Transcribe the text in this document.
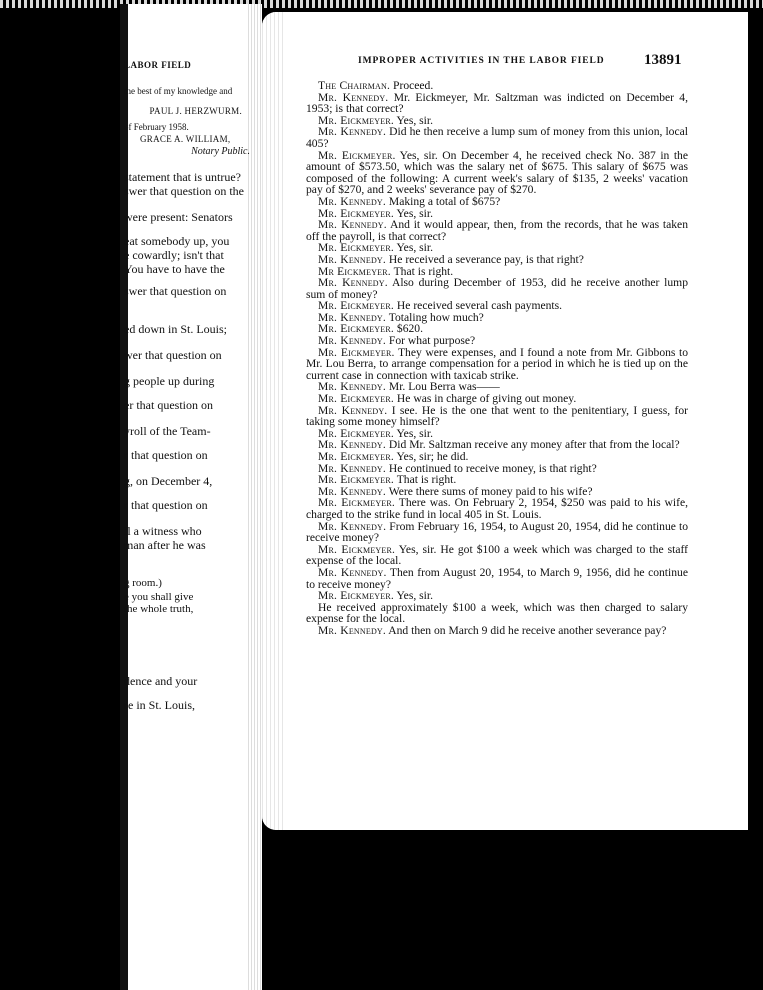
LABOR FIELD
the best of my knowledge and
PAUL J. HERZWURM.
of February 1958.
GRACE A. WILLIAM,
Notary Public.
statement that is untrue?
swer that question on the
were present: Senators
eat somebody up, you
e cowardly; isn't that
You have to have the
swer that question on
ed down in St. Louis;
wer that question on
g people up during
er that question on
yroll of the Team-
r that question on
g, on December 4,
r that question on
ll a witness who
man after he was
g room.)
e you shall give
the whole truth,
dence and your
re in St. Louis,
IMPROPER ACTIVITIES IN THE LABOR FIELD	13891

The Chairman. Proceed.

Mr. Kennedy. Mr. Eickmeyer, Mr. Saltzman was indicted on December 4, 1953; is that correct?

Mr. Eickmeyer. Yes, sir.

Mr. Kennedy. Did he then receive a lump sum of money from this union, local 405?

Mr. Eickmeyer. Yes, sir. On December 4, he received check No. 387 in the amount of $573.50, which was the salary net of $675. This salary of $675 was composed of the following: A current week's salary of $135, 2 weeks' vacation pay of $270, and 2 weeks' severance pay of $270.

Mr. Kennedy. Making a total of $675?

Mr. Eickmeyer. Yes, sir.

Mr. Kennedy. And it would appear, then, from the records, that he was taken off the payroll, is that correct?

Mr. Eickmeyer. Yes, sir.

Mr. Kennedy. He received a severance pay, is that right?

Mr Eickmeyer. That is right.

Mr. Kennedy. Also during December of 1953, did he receive another lump sum of money?

Mr. Eickmeyer. He received several cash payments.

Mr. Kennedy. Totaling how much?

Mr. Eickmeyer. $620.

Mr. Kennedy. For what purpose?

Mr. Eickmeyer. They were expenses, and I found a note from Mr. Gibbons to Mr. Lou Berra, to arrange compensation for a period in which he is tied up on the current case in connection with taxicab strike.

Mr. Kennedy. Mr. Lou Berra was——

Mr. Eickmeyer. He was in charge of giving out money.

Mr. Kennedy. I see. He is the one that went to the penitentiary, I guess, for taking some money himself?

Mr. Eickmeyer. Yes, sir.

Mr. Kennedy. Did Mr. Saltzman receive any money after that from the local?

Mr. Eickmeyer. Yes, sir; he did.

Mr. Kennedy. He continued to receive money, is that right?

Mr. Eickmeyer. That is right.

Mr. Kennedy. Were there sums of money paid to his wife?

Mr. Eickmeyer. There was. On February 2, 1954, $250 was paid to his wife, charged to the strike fund in local 405 in St. Louis.

Mr. Kennedy. From February 16, 1954, to August 20, 1954, did he continue to receive money?

Mr. Eickmeyer. Yes, sir. He got $100 a week which was charged to the staff expense of the local.

Mr. Kennedy. Then from August 20, 1954, to March 9, 1956, did he continue to receive money?

Mr. Eickmeyer. Yes, sir.

He received approximately $100 a week, which was then charged to salary expense for the local.

Mr. Kennedy. And then on March 9 did he receive another severance pay?
